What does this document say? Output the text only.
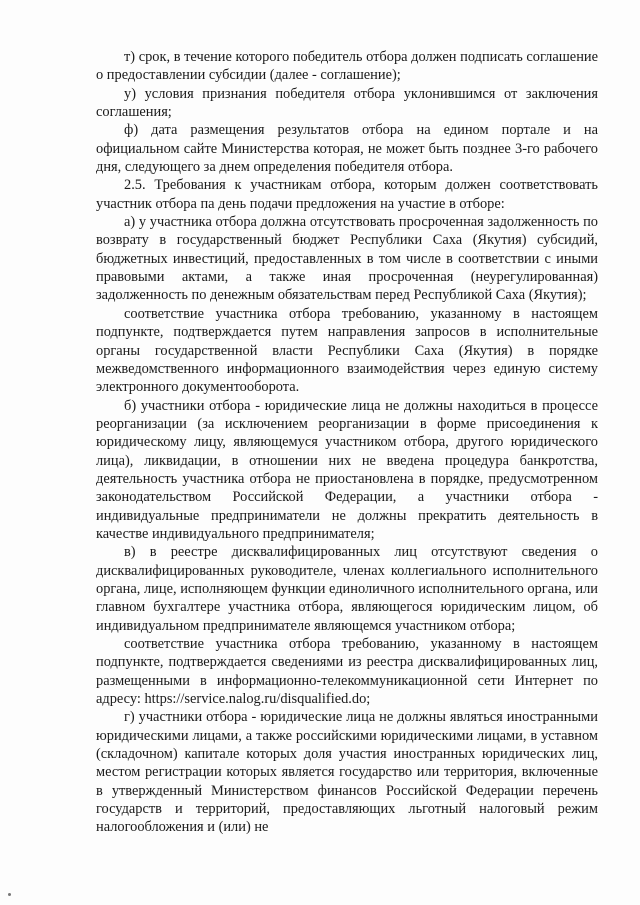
т) срок, в течение которого победитель отбора должен подписать соглашение о предоставлении субсидии (далее - соглашение);

у) условия признания победителя отбора уклонившимся от заключения соглашения;

ф) дата размещения результатов отбора на едином портале и на официальном сайте Министерства которая, не может быть позднее 3-го рабочего дня, следующего за днем определения победителя отбора.

2.5. Требования к участникам отбора, которым должен соответствовать участник отбора па день подачи предложения на участие в отборе:

а) у участника отбора должна отсутствовать просроченная задолженность по возврату в государственный бюджет Республики Саха (Якутия) субсидий, бюджетных инвестиций, предоставленных в том числе в соответствии с иными правовыми актами, а также иная просроченная (неурегулированная) задолженность по денежным обязательствам перед Республикой Саха (Якутия);

соответствие участника отбора требованию, указанному в настоящем подпункте, подтверждается путем направления запросов в исполнительные органы государственной власти Республики Саха (Якутия) в порядке межведомственного информационного взаимодействия через единую систему электронного документооборота.

б) участники отбора - юридические лица не должны находиться в процессе реорганизации (за исключением реорганизации в форме присоединения к юридическому лицу, являющемуся участником отбора, другого юридического лица), ликвидации, в отношении них не введена процедура банкротства, деятельность участника отбора не приостановлена в порядке, предусмотренном законодательством Российской Федерации, а участники отбора - индивидуальные предприниматели не должны прекратить деятельность в качестве индивидуального предпринимателя;

в) в реестре дисквалифицированных лиц отсутствуют сведения о дисквалифицированных руководителе, членах коллегиального исполнительного органа, лице, исполняющем функции единоличного исполнительного органа, или главном бухгалтере участника отбора, являющегося юридическим лицом, об индивидуальном предпринимателе являющемся участником отбора;

соответствие участника отбора требованию, указанному в настоящем подпункте, подтверждается сведениями из реестра дисквалифицированных лиц, размещенными в информационно-телекоммуникационной сети Интернет по адресу: https://service.nalog.ru/disqualified.do;

г) участники отбора - юридические лица не должны являться иностранными юридическими лицами, а также российскими юридическими лицами, в уставном (складочном) капитале которых доля участия иностранных юридических лиц, местом регистрации которых является государство или территория, включенные в утвержденный Министерством финансов Российской Федерации перечень государств и территорий, предоставляющих льготный налоговый режим налогообложения и (или) не
